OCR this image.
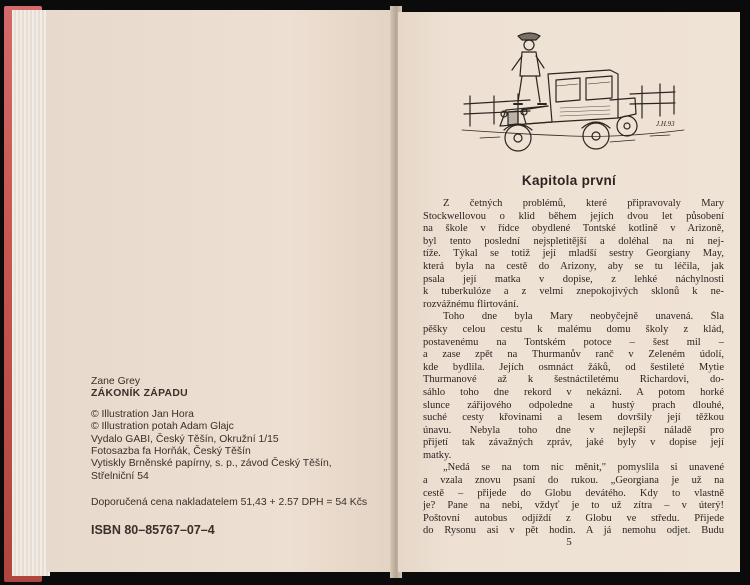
Zane Grey
ZÁKONÍK ZÁPADU
© Illustration Jan Hora
© Illustration potah Adam Glajc
Vydalo GABI, Český Těšín, Okružní 1/15
Fotosazba fa Horňák, Český Těšín
Vytiskly Brněnské papírny, s. p., závod Český Těšín,
Střelniční 54
Doporučená cena nakladatelem 51,43 + 2.57 DPH = 54 Kčs
ISBN 80–85767–07–4
J.H.93
Kapitola první
Z četných problémů, které připravovaly Mary
Stockwellovou o klid během jejích dvou let působení
na škole v řídce obydlené Tontské kotlině v Arizoně,
byl tento poslední nejspletitější a doléhal na ni nej-
tíže. Týkal se totiž její mladší sestry Georgiany May,
která byla na cestě do Arizony, aby se tu léčila, jak
psala její matka v dopise, z lehké náchylnosti
k tuberkulóze a z velmi znepokojivých sklonů k ne-
rozvážnému flirtování.
Toho dne byla Mary neobyčejně unavená. Šla
pěšky celou cestu k malému domu školy z klád,
postavenému na Tontském potoce – šest mil –
a zase zpět na Thurmanův ranč v Zeleném údolí,
kde bydlila. Jejích osmnáct žáků, od šestileté Mytie
Thurmanové až k šestnáctiletému Richardovi, do-
sáhlo toho dne rekord v nekázni. A potom horké
slunce zářijového odpoledne a hustý prach dlouhé,
suché cesty křovinami a lesem dovršily její těžkou
únavu. Nebyla toho dne v nejlepší náladě pro
přijetí tak závažných zpráv, jaké byly v dopise její
matky.
„Nedá se na tom nic měnit," pomyslila si unavené
a vzala znovu psaní do rukou. „Georgiana je už na
cestě – přijede do Globu devátého. Kdy to vlastně
je? Pane na nebi, vždyť je to už zítra – v úterý!
Poštovní autobus odjíždí z Globu ve středu. Přijede
do Rysonu asi v pět hodin. A já nemohu odjet. Budu
5
